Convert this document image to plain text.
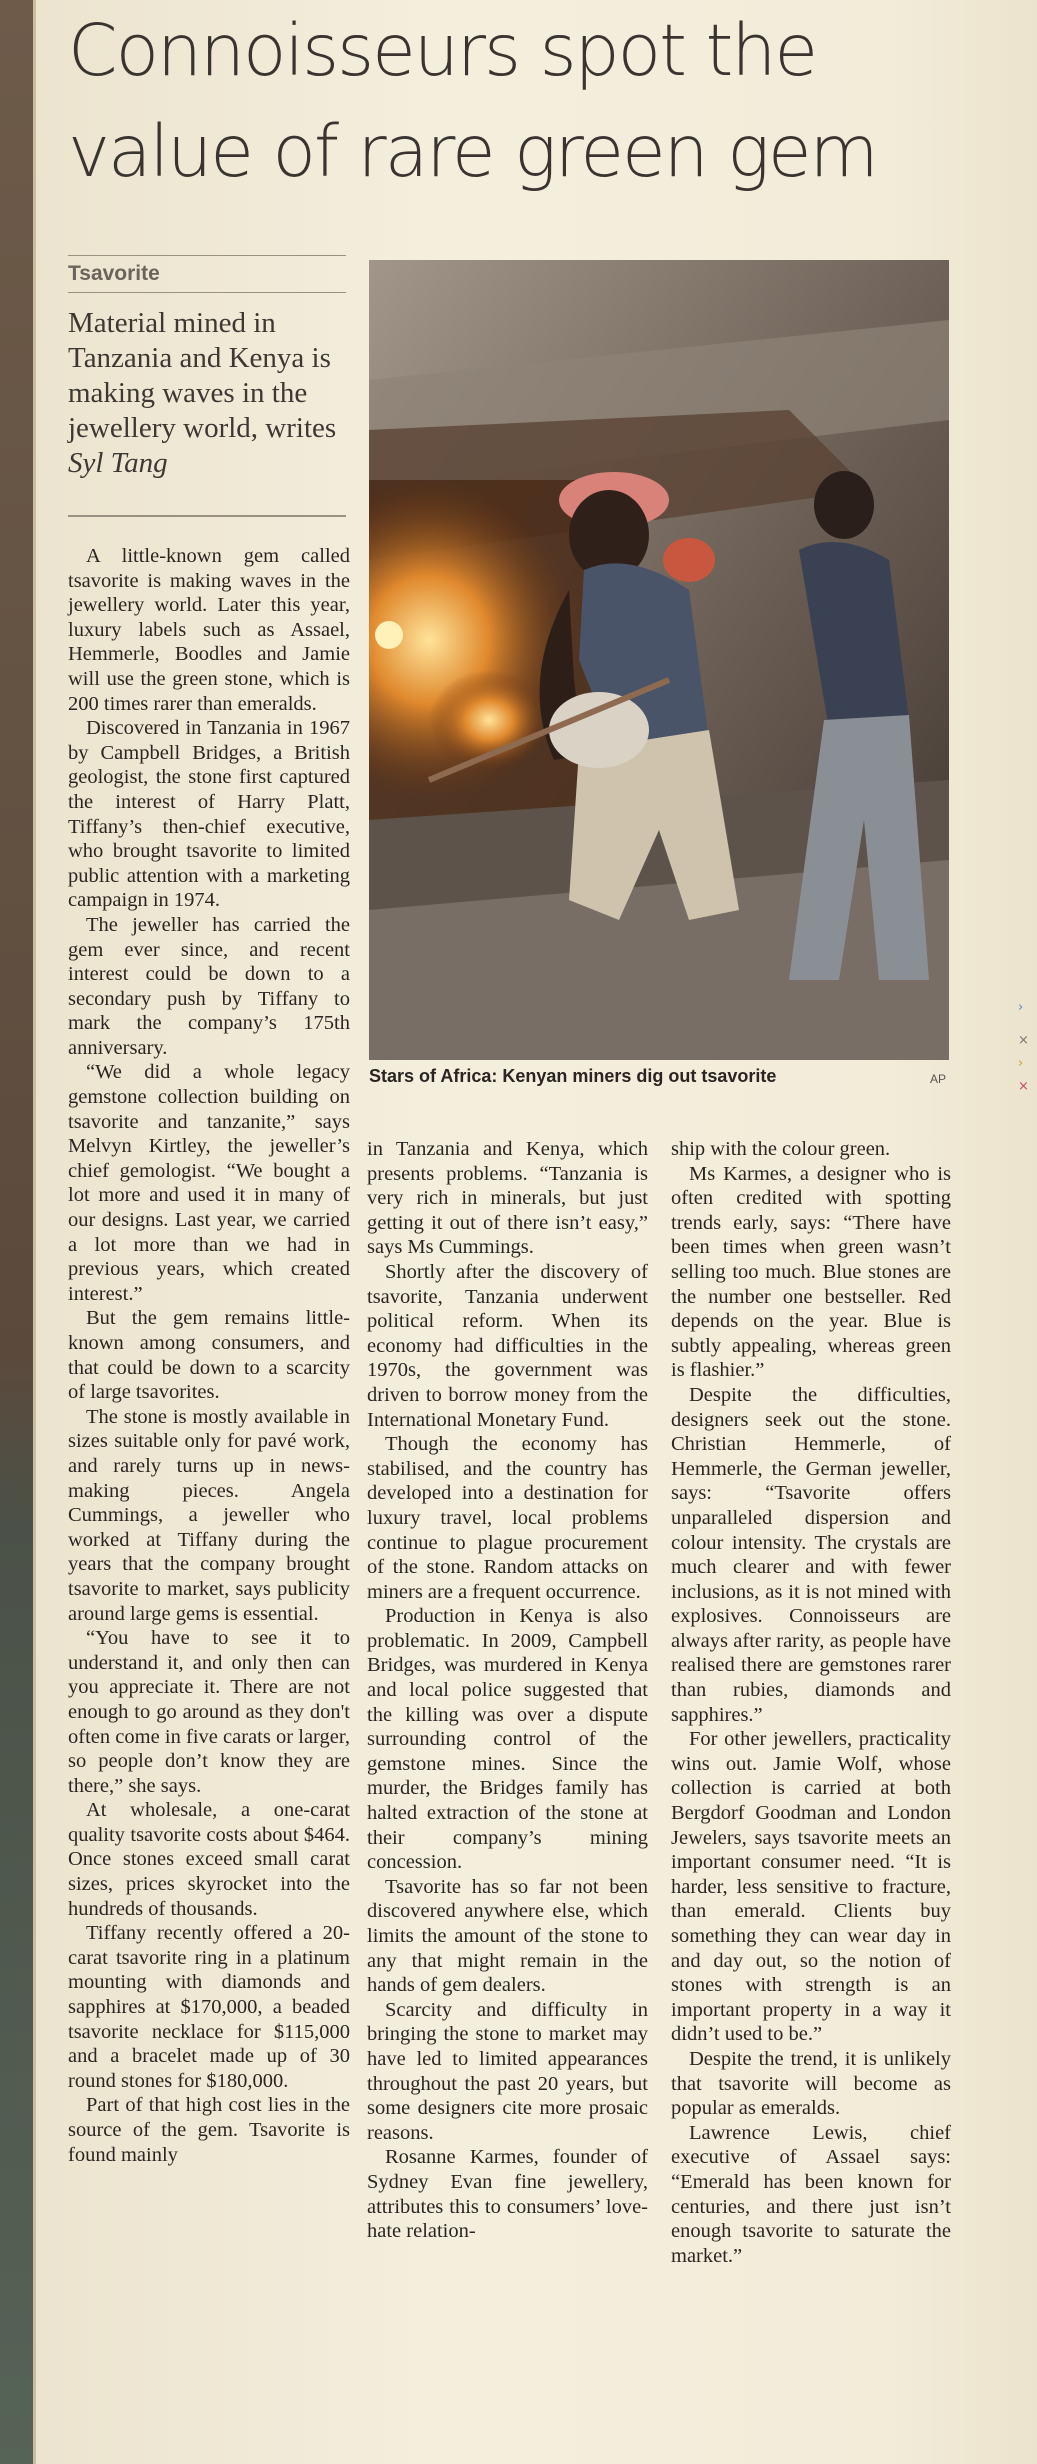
Connoisseurs spot the
value of rare green gem
Tsavorite
Material mined in
Tanzania and Kenya is making waves in the jewellery world, writes Syl Tang

A little-known gem called tsavorite is making waves in the jewellery world. Later this year, luxury labels such as Assael, Hemmerle, Boodles and Jamie will use the green stone, which is 200 times rarer than emeralds.

Discovered in Tanzania in 1967 by Campbell Bridges, a British geologist, the stone first captured the interest of Harry Platt, Tiffany’s then-chief executive, who brought tsavorite to limited public attention with a marketing campaign in 1974.

The jeweller has carried the gem ever since, and recent interest could be down to a secondary push by Tiffany to mark the company’s 175th anniversary.

“We did a whole legacy gemstone collection building on tsavorite and tanzanite,” says Melvyn Kirtley, the jeweller’s chief gemologist. “We bought a lot more and used it in many of our designs. Last year, we carried a lot more than we had in previous years, which created interest.”

But the gem remains little-known among consumers, and that could be down to a scarcity of large tsavorites.

The stone is mostly available in sizes suitable only for pavé work, and rarely turns up in news-making pieces. Angela Cummings, a jeweller who worked at Tiffany during the years that the company brought tsavorite to market, says publicity around large gems is essential.

“You have to see it to understand it, and only then can you appreciate it. There are not enough to go around as they don't often come in five carats or larger, so people don’t know they are there,” she says.

At wholesale, a one-carat quality tsavorite costs about $464. Once stones exceed small carat sizes, prices skyrocket into the hundreds of thousands.

Tiffany recently offered a 20-carat tsavorite ring in a platinum mounting with diamonds and sapphires at $170,000, a beaded tsavorite necklace for $115,000 and a bracelet made up of 30 round stones for $180,000.

Part of that high cost lies in the source of the gem. Tsavorite is found mainly

Stars of Africa: Kenyan miners dig out tsavorite	AP

in Tanzania and Kenya, which presents problems. “Tanzania is very rich in minerals, but just getting it out of there isn’t easy,” says Ms Cummings.

Shortly after the discovery of tsavorite, Tanzania underwent political reform. When its economy had difficulties in the 1970s, the government was driven to borrow money from the International Monetary Fund.

Though the economy has stabilised, and the country has developed into a destination for luxury travel, local problems continue to plague procurement of the stone. Random attacks on miners are a frequent occurrence.

Production in Kenya is also problematic. In 2009, Campbell Bridges, was murdered in Kenya and local police suggested that the killing was over a dispute surrounding control of the gemstone mines. Since the murder, the Bridges family has halted extraction of the stone at their company’s mining concession.

Tsavorite has so far not been discovered anywhere else, which limits the amount of the stone to any that might remain in the hands of gem dealers.

Scarcity and difficulty in bringing the stone to market may have led to limited appearances throughout the past 20 years, but some designers cite more prosaic reasons.

Rosanne Karmes, founder of Sydney Evan fine jewellery, attributes this to consumers’ love-hate relation-

ship with the colour green.

Ms Karmes, a designer who is often credited with spotting trends early, says: “There have been times when green wasn’t selling too much. Blue stones are the number one bestseller. Red depends on the year. Blue is subtly appealing, whereas green is flashier.”

Despite the difficulties, designers seek out the stone. Christian Hemmerle, of Hemmerle, the German jeweller, says: “Tsavorite offers unparalleled dispersion and colour intensity. The crystals are much clearer and with fewer inclusions, as it is not mined with explosives. Connoisseurs are always after rarity, as people have realised there are gemstones rarer than rubies, diamonds and sapphires.”

For other jewellers, practicality wins out. Jamie Wolf, whose collection is carried at both Bergdorf Goodman and London Jewelers, says tsavorite meets an important consumer need. “It is harder, less sensitive to fracture, than emerald. Clients buy something they can wear day in and day out, so the notion of stones with strength is an important property in a way it didn’t used to be.”

Despite the trend, it is unlikely that tsavorite will become as popular as emeralds.

Lawrence Lewis, chief executive of Assael says: “Emerald has been known for centuries, and there just isn’t enough tsavorite to saturate the market.”

›
×
›
×
